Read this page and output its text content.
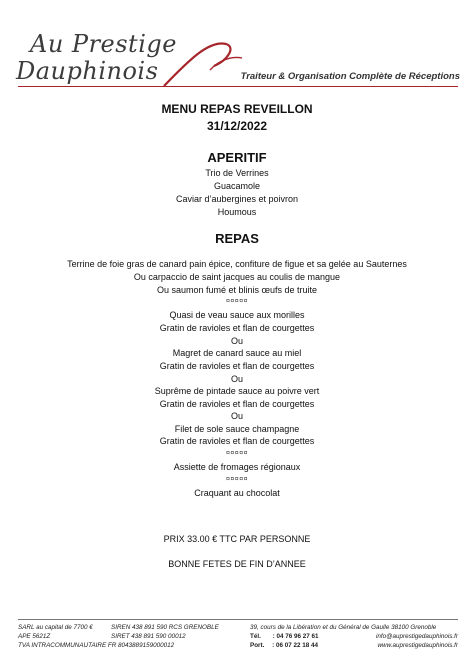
Au Prestige
Dauphinois	Traiteur & Organisation Complète de Réceptions
MENU REPAS REVEILLON
31/12/2022
APERITIF
Trio de Verrines
Guacamole
Caviar d’aubergines et poivron
Houmous
REPAS
Terrine de foie gras de canard pain épice, confiture de figue et sa gelée au Sauternes
Ou carpaccio de saint jacques au coulis de mangue
Ou saumon fumé et blinis œufs de truite
¤¤¤¤¤
Quasi de veau sauce aux morilles
Gratin de ravioles et flan de courgettes
Ou
Magret de canard sauce au miel
Gratin de ravioles et flan de courgettes
Ou
Suprême de pintade sauce au poivre vert
Gratin de ravioles et flan de courgettes
Ou
Filet de sole sauce champagne
Gratin de ravioles et flan de courgettes
¤¤¤¤¤
Assiette de fromages régionaux
¤¤¤¤¤
Craquant au chocolat
PRIX 33.00 € TTC PAR PERSONNE
BONNE FETES DE FIN D’ANNEE
SARL au capital de 7700 €
APE 5621Z
TVA INTRACOMMUNAUTAIRE FR 8043889159000012
SIREN 438 891 590 RCS GRENOBLE
SIRET 438 891 590 00012
39, cours de la Libération et du Général de Gaulle 38100 Grenoble
Tél. : 04 76 96 27 61
Port. : 06 07 22 18 44
info@auprestigedauphinois.fr
www.auprestigedauphinois.fr
